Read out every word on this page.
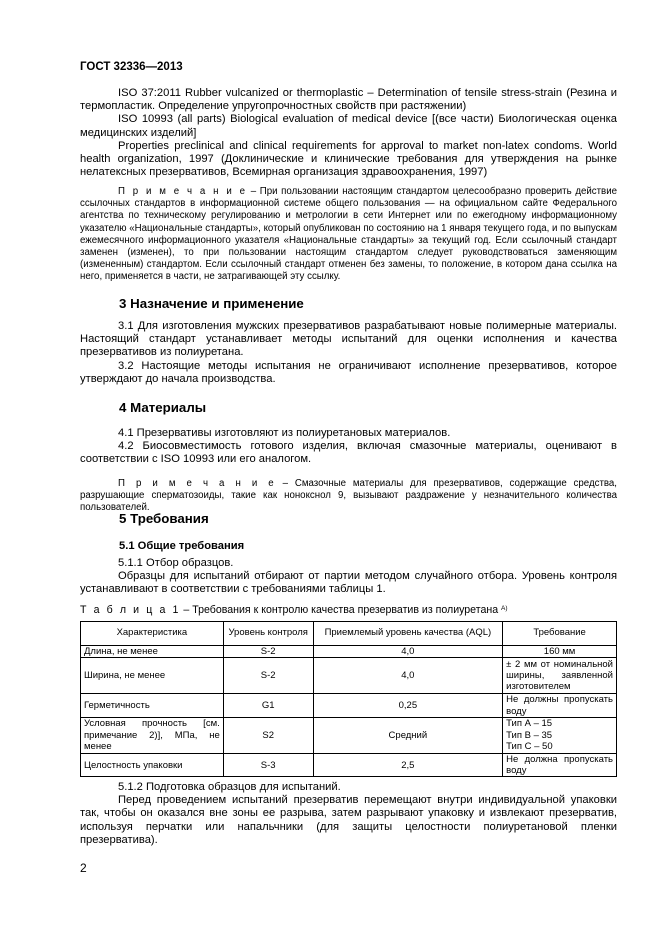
ГОСТ 32336—2013

ISO 37:2011 Rubber vulcanized or thermoplastic – Determination of tensile stress-strain (Резина и термопластик. Определение упругопрочностных свойств при растяжении)

ISO 10993 (all parts) Biological evaluation of medical device [(все части) Биологическая оценка медицинских изделий]

Properties preclinical and clinical requirements for approval to market non-latex condoms. World health organization, 1997 (Доклинические и клинические требования для утверждения на рынке нелатексных презервативов, Всемирная организация здравоохранения, 1997)

П р и м е ч а н и е – При пользовании настоящим стандартом целесообразно проверить действие ссылочных стандартов в информационной системе общего пользования — на официальном сайте Федерального агентства по техническому регулированию и метрологии в сети Интернет или по ежегодному информационному указателю «Национальные стандарты», который опубликован по состоянию на 1 января текущего года, и по выпускам ежемесячного информационного указателя «Национальные стандарты» за текущий год. Если ссылочный стандарт заменен (изменен), то при пользовании настоящим стандартом следует руководствоваться заменяющим (измененным) стандартом. Если ссылочный стандарт отменен без замены, то положение, в котором дана ссылка на него, применяется в части, не затрагивающей эту ссылку.

3 Назначение и применение

3.1 Для изготовления мужских презервативов разрабатывают новые полимерные материалы. Настоящий стандарт устанавливает методы испытаний для оценки исполнения и качества презервативов из полиуретана.

3.2 Настоящие методы испытания не ограничивают исполнение презервативов, которое утверждают до начала производства.

4 Материалы

4.1 Презервативы изготовляют из полиуретановых материалов.

4.2 Биосовместимость готового изделия, включая смазочные материалы, оценивают в соответствии с ISO 10993 или его аналогом.

П р и м е ч а н и е – Смазочные материалы для презервативов, содержащие средства, разрушающие сперматозоиды, такие как нонокснол 9, вызывают раздражение у незначительного количества пользователей.

5 Требования
5.1 Общие требования

5.1.1 Отбор образцов.

Образцы для испытаний отбирают от партии методом случайного отбора. Уровень контроля устанавливают в соответствии с требованиями таблицы 1.

Т а б л и ц а 1 – Требования к контролю качества презерватив из полиуретана $^{А)}$
Характеристика	Уровень контроля	Приемлемый уровень качества (AQL)	Требование
Длина, не менее	S-2	4,0	160 мм
Ширина, не менее	S-2	4,0	± 2 мм от номинальной ширины, заявленной изготовителем
Герметичность	G1	0,25	Не должны пропускать воду
Условная прочность [см. примечание 2)], МПа, не менее	S2	Средний	Тип А – 15
Тип В – 35
Тип С – 50
Целостность упаковки	S-3	2,5	Не должна пропускать воду

5.1.2 Подготовка образцов для испытаний.

Перед проведением испытаний презерватив перемещают внутри индивидуальной упаковки так, чтобы он оказался вне зоны ее разрыва, затем разрывают упаковку и извлекают презерватив, используя перчатки или напальчники (для защиты целостности полиуретановой пленки презерватива).

2
